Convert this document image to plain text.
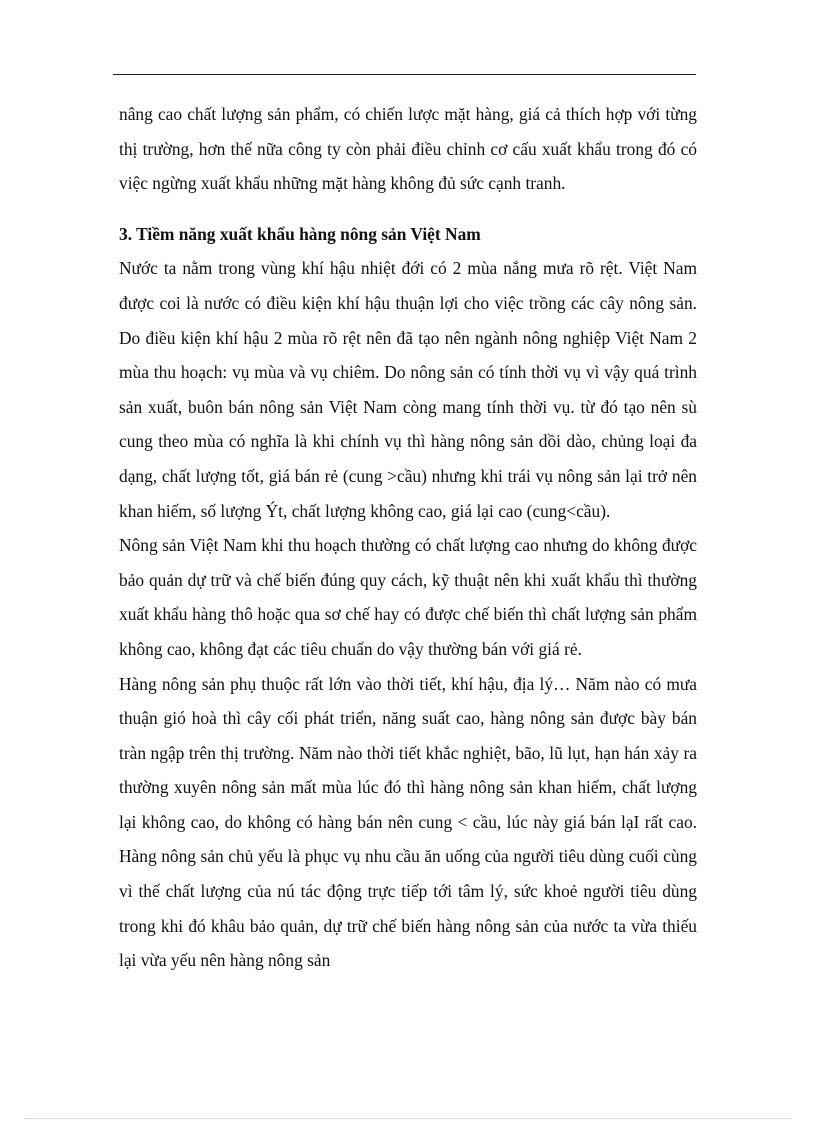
nâng cao chất lượng sản phẩm, có chiến lược mặt hàng, giá cả thích hợp với từng thị trường, hơn thế nữa công ty còn phải điều chỉnh cơ cấu xuất khẩu trong đó có việc ngừng xuất khẩu những mặt hàng không đủ sức cạnh tranh.

3. Tiềm năng xuất khẩu hàng nông sản Việt Nam

Nước ta nằm trong vùng khí hậu nhiệt đới có 2 mùa nắng mưa rõ rệt. Việt Nam được coi là nước có điều kiện khí hậu thuận lợi cho việc trồng các cây nông sản. Do điều kiện khí hậu 2 mùa rõ rệt nên đã tạo nên ngành nông nghiệp Việt Nam 2 mùa thu hoạch: vụ mùa và vụ chiêm. Do nông sản có tính thời vụ vì vậy quá trình sản xuất, buôn bán nông sản Việt Nam còng mang tính thời vụ. từ đó tạo nên sù cung theo mùa có nghĩa là khi chính vụ thì hàng nông sản dồi dào, chủng loại đa dạng, chất lượng tốt, giá bán rẻ (cung >cầu) nhưng khi trái vụ nông sản lại trở nên khan hiếm, số lượng Ýt, chất lượng không cao, giá lại cao (cung<cầu).

Nông sản Việt Nam khi thu hoạch thường có chất lượng cao nhưng do không được bảo quản dự trữ và chế biến đúng quy cách, kỹ thuật nên khi xuất khẩu thì thường xuất khẩu hàng thô hoặc qua sơ chế hay có được chế biến thì chất lượng sản phẩm không cao, không đạt các tiêu chuẩn do vậy thường bán với giá rẻ.

Hàng nông sản phụ thuộc rất lớn vào thời tiết, khí hậu, địa lý… Năm nào có mưa thuận gió hoà thì cây cối phát triển, năng suất cao, hàng nông sản được bày bán tràn ngập trên thị trường. Năm nào thời tiết khắc nghiệt, bão, lũ lụt, hạn hán xảy ra thường xuyên nông sản mất mùa lúc đó thì hàng nông sản khan hiếm, chất lượng lại không cao, do không có hàng bán nên cung < cầu, lúc này giá bán lạI rất cao. Hàng nông sản chủ yếu là phục vụ nhu cầu ăn uống của người tiêu dùng cuối cùng vì thế chất lượng của nú tác động trực tiếp tới tâm lý, sức khoẻ người tiêu dùng trong khi đó khâu bảo quản, dự trữ chế biến hàng nông sản của nước ta vừa thiếu lại vừa yếu nên hàng nông sản
